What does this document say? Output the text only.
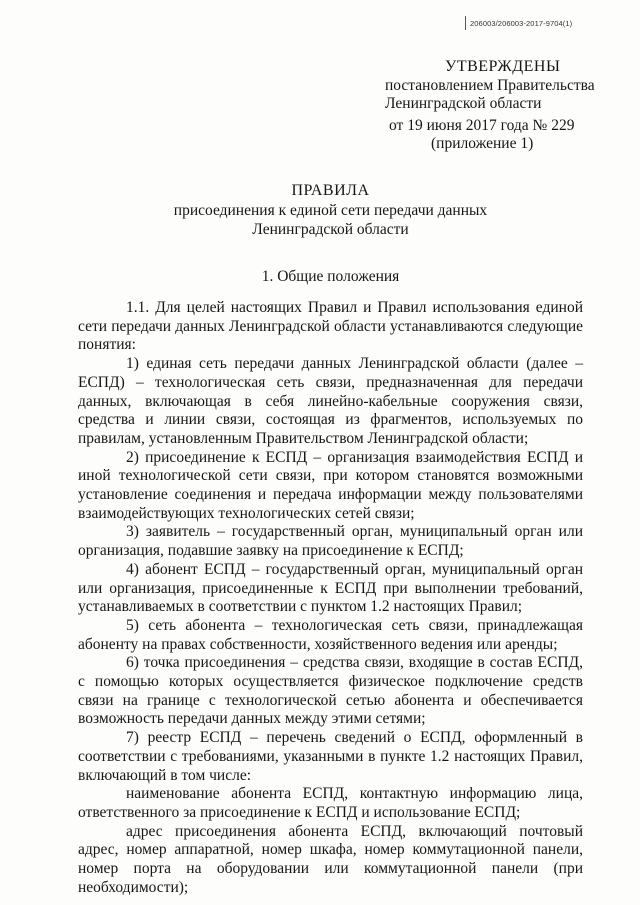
206003/206003-2017-9704(1)
УТВЕРЖДЕНЫ
постановлением Правительства
Ленинградской области
от 19 июня 2017 года № 229
(приложение 1)
ПРАВИЛА
присоединения к единой сети передачи данных
Ленинградской области
1. Общие положения

1.1. Для целей настоящих Правил и Правил использования единой сети передачи данных Ленинградской области устанавливаются следующие понятия:

1) единая сеть передачи данных Ленинградской области (далее – ЕСПД) – технологическая сеть связи, предназначенная для передачи данных, включающая в себя линейно-кабельные сооружения связи, средства и линии связи, состоящая из фрагментов, используемых по правилам, установленным Правительством Ленинградской области;

2) присоединение к ЕСПД – организация взаимодействия ЕСПД и иной технологической сети связи, при котором становятся возможными установление соединения и передача информации между пользователями взаимодействующих технологических сетей связи;

3) заявитель – государственный орган, муниципальный орган или организация, подавшие заявку на присоединение к ЕСПД;

4) абонент ЕСПД – государственный орган, муниципальный орган или организация, присоединенные к ЕСПД при выполнении требований, устанавливаемых в соответствии с пунктом 1.2 настоящих Правил;

5) сеть абонента – технологическая сеть связи, принадлежащая абоненту на правах собственности, хозяйственного ведения или аренды;

6) точка присоединения – средства связи, входящие в состав ЕСПД, с помощью которых осуществляется физическое подключение средств связи на границе с технологической сетью абонента и обеспечивается возможность передачи данных между этими сетями;

7) реестр ЕСПД – перечень сведений о ЕСПД, оформленный в соответствии с требованиями, указанными в пункте 1.2 настоящих Правил, включающий в том числе:

наименование абонента ЕСПД, контактную информацию лица, ответственного за присоединение к ЕСПД и использование ЕСПД;

адрес присоединения абонента ЕСПД, включающий почтовый адрес, номер аппаратной, номер шкафа, номер коммутационной панели, номер порта на оборудовании или коммутационной панели (при необходимости);
